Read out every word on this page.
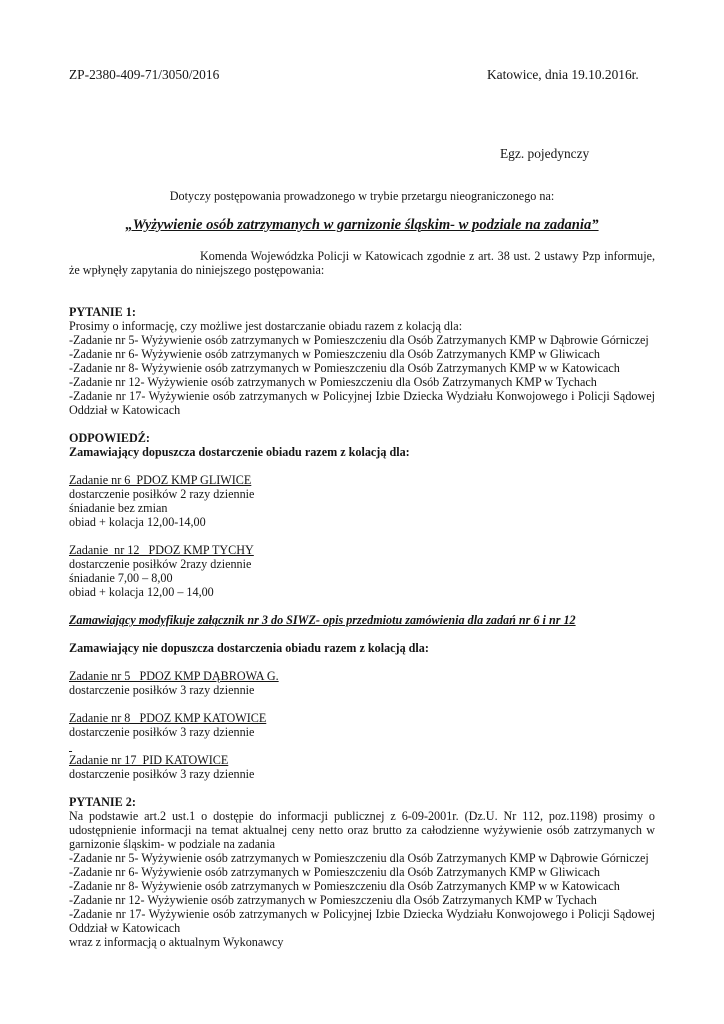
ZP-2380-409-71/3050/2016	Katowice, dnia 19.10.2016r.
Egz. pojedynczy
Dotyczy postępowania prowadzonego w trybie przetargu nieograniczonego na:
„Wyżywienie osób zatrzymanych w garnizonie śląskim- w podziale na zadania”

Komenda Wojewódzka Policji w Katowicach zgodnie z art. 38 ust. 2 ustawy Pzp informuje, że wpłynęły zapytania do niniejszego postępowania:

PYTANIE 1:
Prosimy o informację, czy możliwe jest dostarczanie obiadu razem z kolacją dla:
-Zadanie nr 5- Wyżywienie osób zatrzymanych w Pomieszczeniu dla Osób Zatrzymanych KMP w Dąbrowie Górniczej
-Zadanie nr 6- Wyżywienie osób zatrzymanych w Pomieszczeniu dla Osób Zatrzymanych KMP w Gliwicach
-Zadanie nr 8- Wyżywienie osób zatrzymanych w Pomieszczeniu dla Osób Zatrzymanych KMP w w Katowicach
-Zadanie nr 12- Wyżywienie osób zatrzymanych w Pomieszczeniu dla Osób Zatrzymanych KMP w Tychach
-Zadanie nr 17- Wyżywienie osób zatrzymanych w Policyjnej Izbie Dziecka Wydziału Konwojowego i Policji Sądowej Oddział w Katowicach
ODPOWIEDŹ:
Zamawiający dopuszcza dostarczenie obiadu razem z kolacją dla:
Zadanie nr 6  PDOZ KMP GLIWICE
dostarczenie posiłków 2 razy dziennie
śniadanie bez zmian
obiad + kolacja 12,00-14,00
Zadanie  nr 12   PDOZ KMP TYCHY
dostarczenie posiłków 2razy dziennie
śniadanie 7,00 – 8,00
obiad + kolacja 12,00 – 14,00
Zamawiający modyfikuje załącznik nr 3 do SIWZ- opis przedmiotu zamówienia dla zadań nr 6 i nr 12
Zamawiający nie dopuszcza dostarczenia obiadu razem z kolacją dla:
Zadanie nr 5   PDOZ KMP DĄBROWA G.
dostarczenie posiłków 3 razy dziennie
Zadanie nr 8   PDOZ KMP KATOWICE
dostarczenie posiłków 3 razy dziennie

Zadanie nr 17  PID KATOWICE
dostarczenie posiłków 3 razy dziennie
PYTANIE 2:
Na podstawie art.2 ust.1 o dostępie do informacji publicznej z 6-09-2001r. (Dz.U. Nr 112, poz.1198) prosimy o udostępnienie informacji na temat aktualnej ceny netto oraz brutto za całodzienne wyżywienie osób zatrzymanych w garnizonie śląskim- w podziale na zadania
-Zadanie nr 5- Wyżywienie osób zatrzymanych w Pomieszczeniu dla Osób Zatrzymanych KMP w Dąbrowie Górniczej
-Zadanie nr 6- Wyżywienie osób zatrzymanych w Pomieszczeniu dla Osób Zatrzymanych KMP w Gliwicach
-Zadanie nr 8- Wyżywienie osób zatrzymanych w Pomieszczeniu dla Osób Zatrzymanych KMP w w Katowicach
-Zadanie nr 12- Wyżywienie osób zatrzymanych w Pomieszczeniu dla Osób Zatrzymanych KMP w Tychach
-Zadanie nr 17- Wyżywienie osób zatrzymanych w Policyjnej Izbie Dziecka Wydziału Konwojowego i Policji Sądowej Oddział w Katowicach
wraz z informacją o aktualnym Wykonawcy
